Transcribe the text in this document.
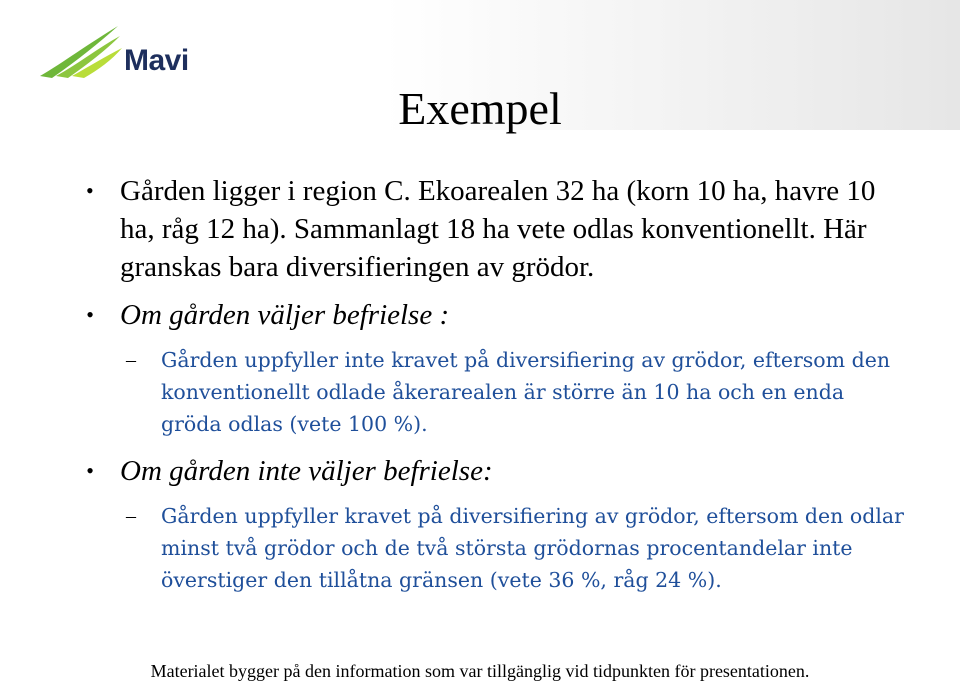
Mavi
Exempel
• Gården ligger i region C. Ekoarealen 32 ha (korn 10 ha, havre 10 ha, råg 12 ha). Sammanlagt 18 ha vete odlas konventionellt. Här granskas bara diversifieringen av grödor.
• Om gården väljer befrielse :
– Gården uppfyller inte kravet på diversifiering av grödor, eftersom den konventionellt odlade åkerarealen är större än 10 ha och en enda gröda odlas (vete 100 %).
• Om gården inte väljer befrielse:
– Gården uppfyller kravet på diversifiering av grödor, eftersom den odlar minst två grödor och de två största grödornas procentandelar inte överstiger den tillåtna gränsen (vete 36 %, råg 24 %).
Materialet bygger på den information som var tillgänglig vid tidpunkten för presentationen.
